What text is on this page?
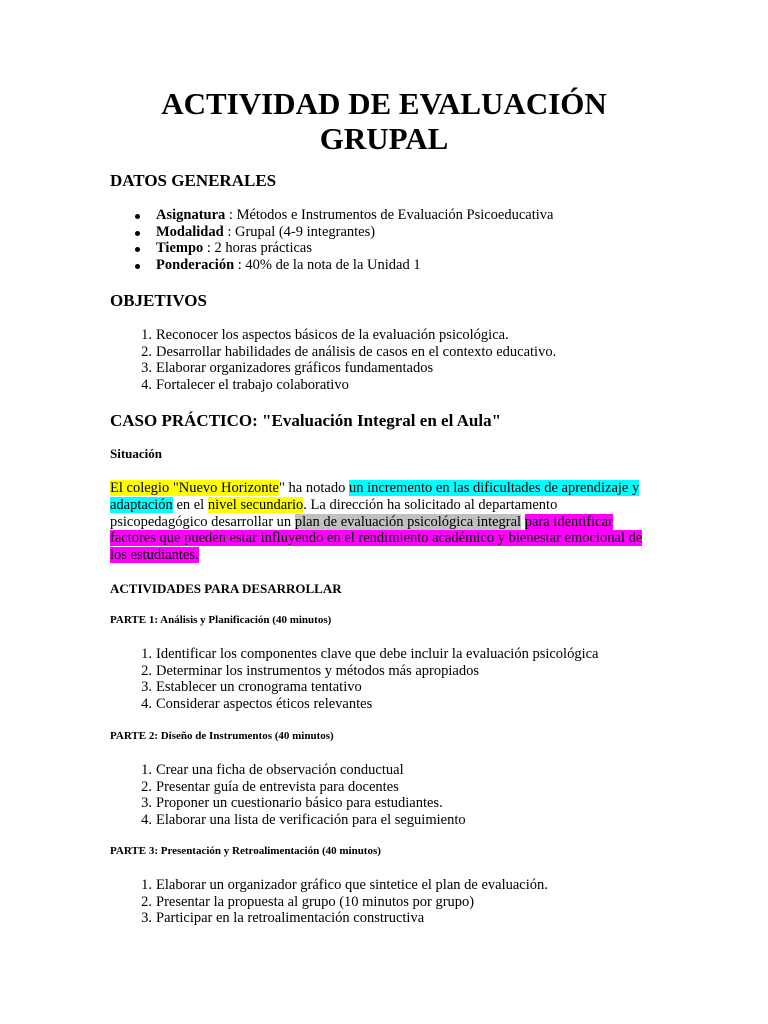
ACTIVIDAD DE EVALUACIÓN
GRUPAL
DATOS GENERALES
Asignatura : Métodos e Instrumentos de Evaluación Psicoeducativa
Modalidad : Grupal (4-9 integrantes)
Tiempo : 2 horas prácticas
Ponderación : 40% de la nota de la Unidad 1
OBJETIVOS
1. Reconocer los aspectos básicos de la evaluación psicológica.
2. Desarrollar habilidades de análisis de casos en el contexto educativo.
3. Elaborar organizadores gráficos fundamentados
4. Fortalecer el trabajo colaborativo
CASO PRÁCTICO: "Evaluación Integral en el Aula"
Situación

El colegio "Nuevo Horizonte" ha notado un incremento en las dificultades de aprendizaje y adaptación en el nivel secundario. La dirección ha solicitado al departamento psicopedagógico desarrollar un plan de evaluación psicológica integral para identificar factores que pueden estar influyendo en el rendimiento académico y bienestar emocional de los estudiantes.

ACTIVIDADES PARA DESARROLLAR
PARTE 1: Análisis y Planificación (40 minutos)
1. Identificar los componentes clave que debe incluir la evaluación psicológica
2. Determinar los instrumentos y métodos más apropiados
3. Establecer un cronograma tentativo
4. Considerar aspectos éticos relevantes
PARTE 2: Diseño de Instrumentos (40 minutos)
1. Crear una ficha de observación conductual
2. Presentar guía de entrevista para docentes
3. Proponer un cuestionario básico para estudiantes.
4. Elaborar una lista de verificación para el seguimiento
PARTE 3: Presentación y Retroalimentación (40 minutos)
1. Elaborar un organizador gráfico que sintetice el plan de evaluación.
2. Presentar la propuesta al grupo (10 minutos por grupo)
3. Participar en la retroalimentación constructiva
